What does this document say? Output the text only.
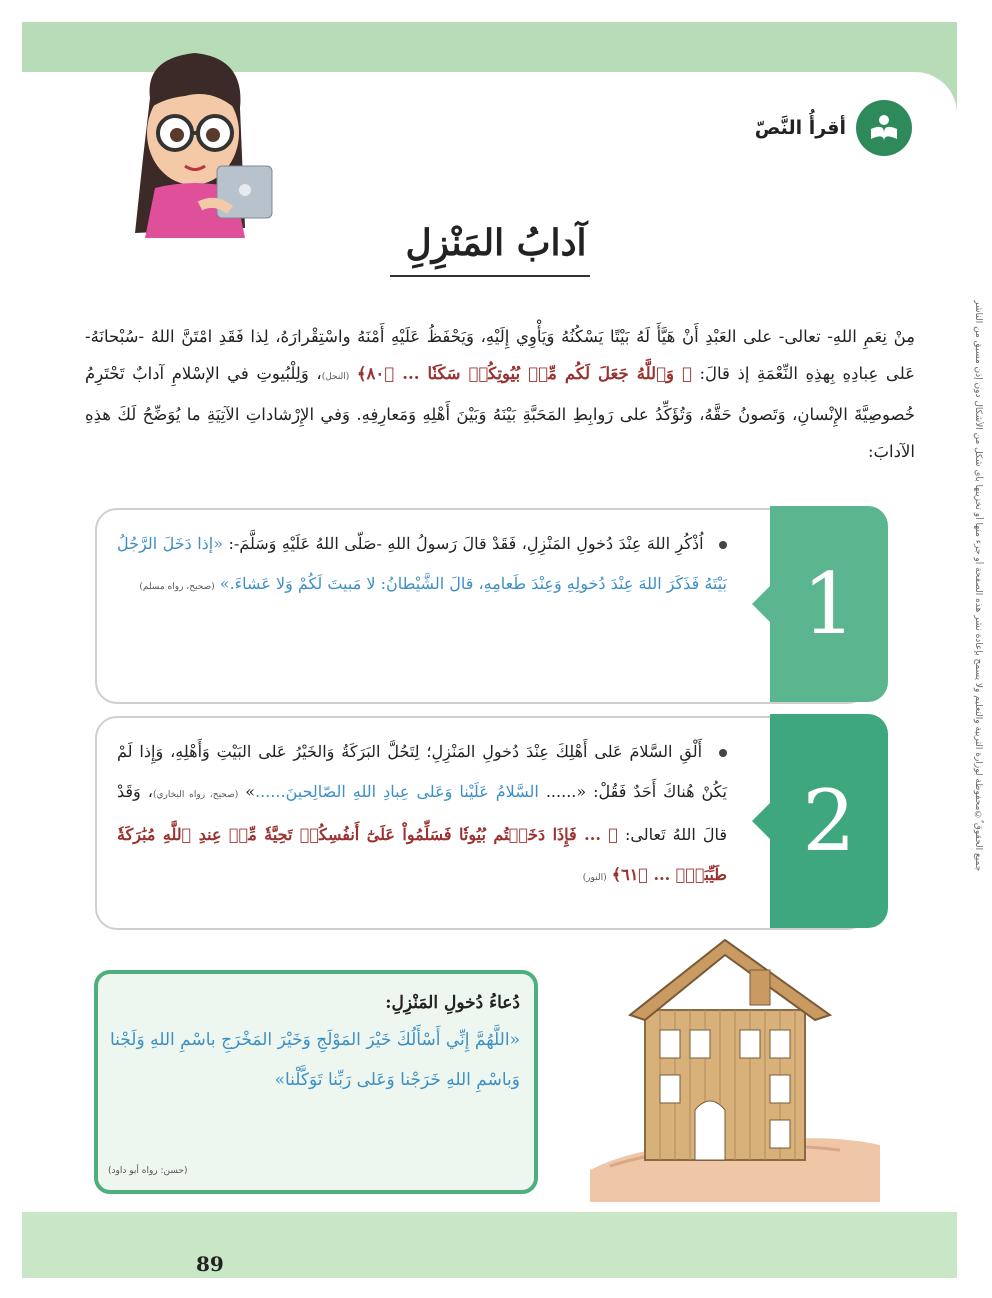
جميع الحقوق ٌ©محفوظة لوزارة التربية والتعليم ولا يسمح بإعادة نشر هذه الصفحة أو جزء منها أو تخزينها بأي شكل من الأشكال دون إذن مسبق من الناشر
أقرأُ النَّصّ
آدابُ المَنْزِلِ
مِنْ نِعَمِ اللهِ- تعالى- على العَبْدِ أَنْ هَيَّأَ لَهُ بَيْتًا يَسْكُنُهُ وَيَأْوِي إِلَيْهِ، وَيَحْفَظُ عَلَيْهِ أَمْنَهُ واسْتِقْرارَهُ، لِذا فَقَدِ امْتَنَّ اللهُ -سُبْحانَهُ- عَلى عِبادِهِ بِهذِهِ النِّعْمَةِ إذ قالَ: ﴿ وَٱللَّهُ جَعَلَ لَكُم مِّنۢ بُيُوتِكُمۡ سَكَنٗا ... ﴿٨٠﴾ (النحل)، وَلِلْبُيوتِ في الإسْلامِ آدابٌ تَحْتَرِمُ خُصوصِيَّةَ الإِنْسانِ، وَتَصونُ حَقَّهُ، وَتُؤَكِّدُ على رَوابِطِ المَحَبَّةِ بَيْنَهُ وَبَيْنَ أَهْلِهِ وَمَعارِفِهِ. وَفي الإِرْشاداتِ الآتِيَةِ ما يُوَضِّحُ لَكَ هذِهِ الآدابَ:
اُذْكُرِ اللهَ عِنْدَ دُخولِ المَنْزِلِ، فَقَدْ قالَ رَسولُ اللهِ -صَلّى اللهُ عَلَيْهِ وَسَلَّمَ-: «إذا دَخَلَ الرَّجُلُ بَيْتَهُ فَذَكَرَ اللهَ عِنْدَ دُخولِهِ وَعِنْدَ طَعامِهِ، قالَ الشَّيْطانُ: لا مَبيتَ لَكُمْ وَلا عَشاءَ.» (صحيح، رواه مسلم)	1
أَلْقِ السَّلامَ عَلى أَهْلِكَ عِنْدَ دُخولِ المَنْزِلِ؛ لِتَحُلَّ البَرَكَةُ وَالخَيْرُ عَلى البَيْتِ وَأَهْلِهِ، وَإِذا لَمْ يَكُنْ هُناكَ أَحَدٌ فَقُلْ: «...... السَّلامُ عَلَيْنا وَعَلى عِبادِ اللهِ الصّالِحينَ......» (صحيح، رواه البخاري)، وَقَدْ قالَ اللهُ تَعالى: ﴿ ... فَإِذَا دَخَلۡتُم بُيُوتٗا فَسَلِّمُواْ عَلَىٰٓ أَنفُسِكُمۡ تَحِيَّةٗ مِّنۡ عِندِ ٱللَّهِ مُبَٰرَكَةٗ طَيِّبَةٗۚ ... ﴿٦١﴾ (النور)
2
دُعاءُ دُخولِ المَنْزِلِ:
«اللَّهُمَّ إِنِّي أَسْأَلُكَ خَيْرَ المَوْلَجِ وَخَيْرَ المَخْرَجِ باسْمِ اللهِ وَلَجْنا وَباسْمِ اللهِ خَرَجْنا وَعَلى رَبِّنا تَوَكَّلْنا»
(حسن: رواه أبو داود)
89
